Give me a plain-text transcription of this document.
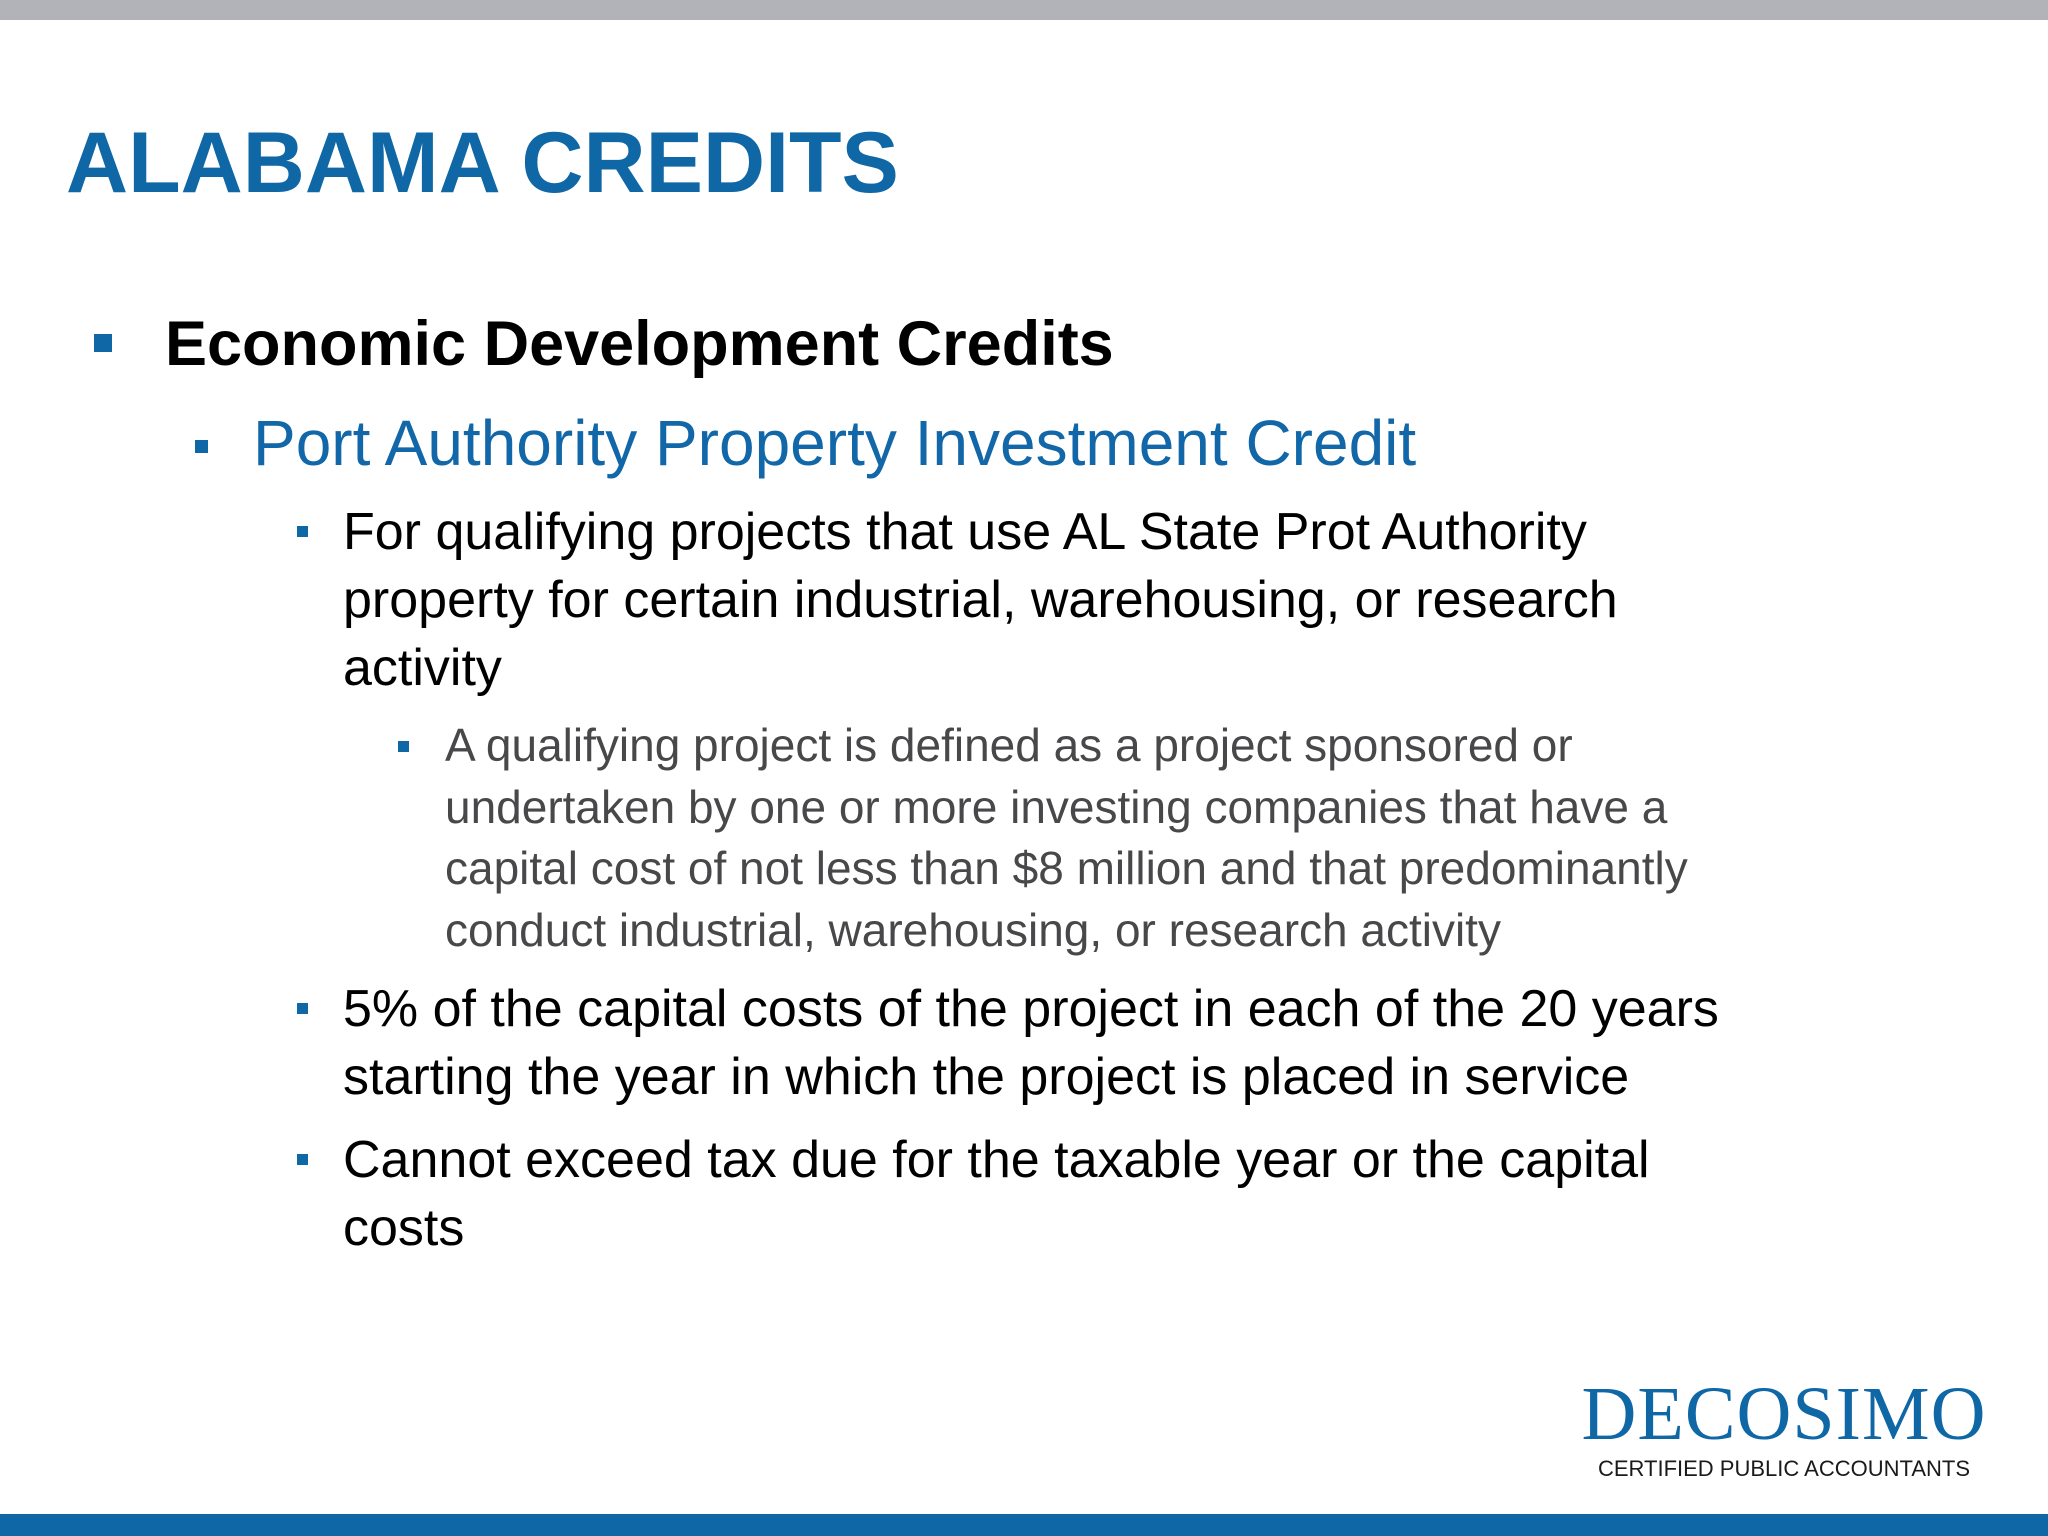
ALABAMA CREDITS
Economic Development Credits
Port Authority Property Investment Credit
For qualifying projects that use AL State Prot Authority
property for certain industrial, warehousing, or research
activity
A qualifying project is defined as a project sponsored or
undertaken by one or more investing companies that have a
capital cost of not less than $8 million and that predominantly
conduct industrial, warehousing, or research activity
5% of the capital costs of the project in each of the 20 years
starting the year in which the project is placed in service
Cannot exceed tax due for the taxable year or the capital
costs
DECOSIMO
CERTIFIED PUBLIC ACCOUNTANTS
